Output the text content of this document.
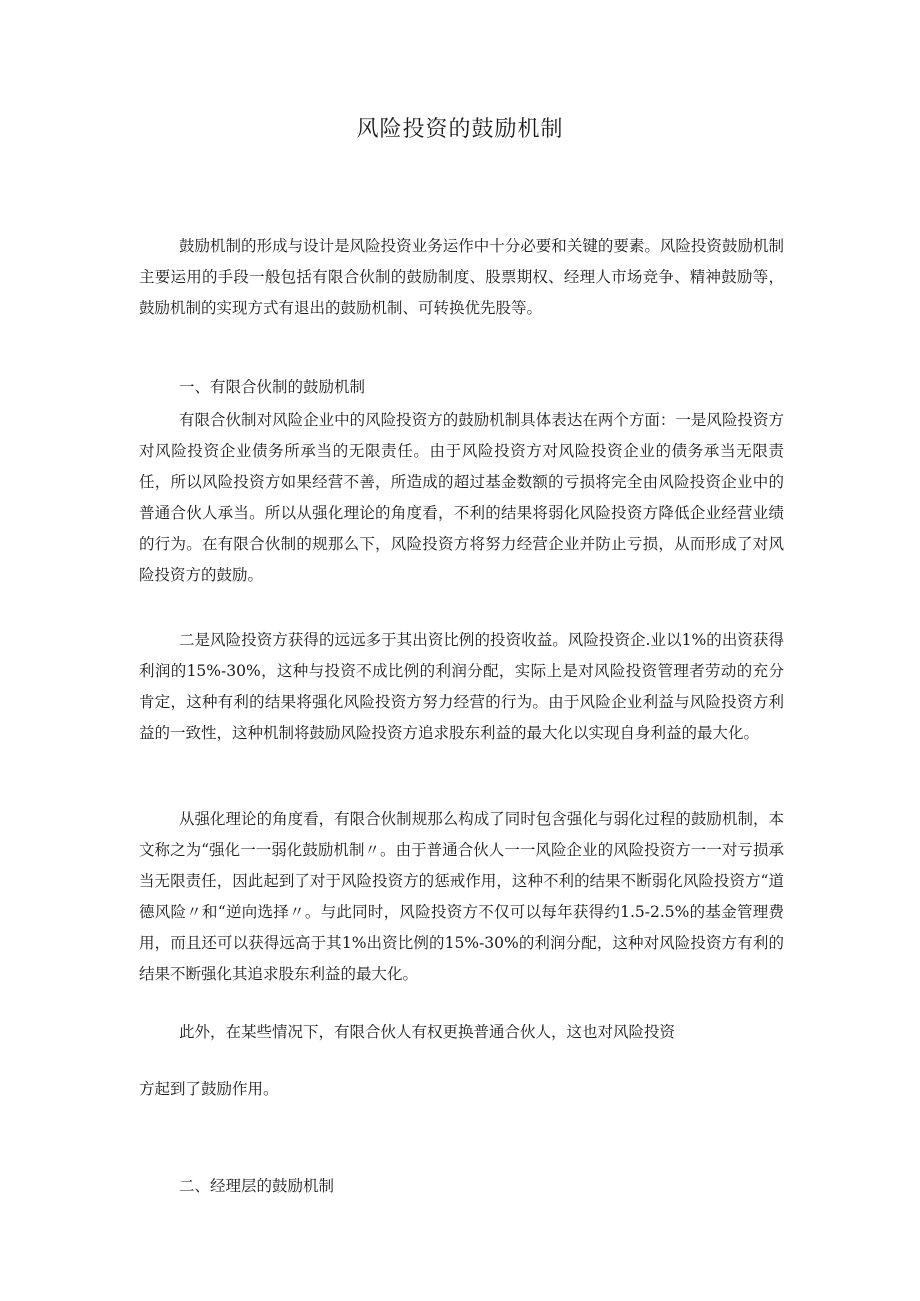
风险投资的鼓励机制

鼓励机制的形成与设计是风险投资业务运作中十分必要和关键的要素。风险投资鼓励机制主要运用的手段一般包括有限合伙制的鼓励制度、股票期权、经理人市场竞争、精神鼓励等，鼓励机制的实现方式有退出的鼓励机制、可转换优先股等。

一、有限合伙制的鼓励机制

有限合伙制对风险企业中的风险投资方的鼓励机制具体表达在两个方面：一是风险投资方对风险投资企业债务所承当的无限责任。由于风险投资方对风险投资企业的债务承当无限责任，所以风险投资方如果经营不善，所造成的超过基金数额的亏损将完全由风险投资企业中的普通合伙人承当。所以从强化理论的角度看，不利的结果将弱化风险投资方降低企业经营业绩的行为。在有限合伙制的规那么下，风险投资方将努力经营企业并防止亏损，从而形成了对风险投资方的鼓励。

二是风险投资方获得的远远多于其出资比例的投资收益。风险投资企.业以1%的出资获得利润的15%-30%，这种与投资不成比例的利润分配，实际上是对风险投资管理者劳动的充分肯定，这种有利的结果将强化风险投资方努力经营的行为。由于风险企业利益与风险投资方利益的一致性，这种机制将鼓励风险投资方追求股东利益的最大化以实现自身利益的最大化。

从强化理论的角度看，有限合伙制规那么构成了同时包含强化与弱化过程的鼓励机制，本文称之为“强化一一弱化鼓励机制〃。由于普通合伙人一一风险企业的风险投资方一一对亏损承当无限责任，因此起到了对于风险投资方的惩戒作用，这种不利的结果不断弱化风险投资方“道德风险〃和“逆向选择〃。与此同时，风险投资方不仅可以每年获得约1.5-2.5%的基金管理费用，而且还可以获得远高于其1%出资比例的15%-30%的利润分配，这种对风险投资方有利的结果不断强化其追求股东利益的最大化。

此外，在某些情况下，有限合伙人有权更换普通合伙人，这也对风险投资

方起到了鼓励作用。

二、经理层的鼓励机制
